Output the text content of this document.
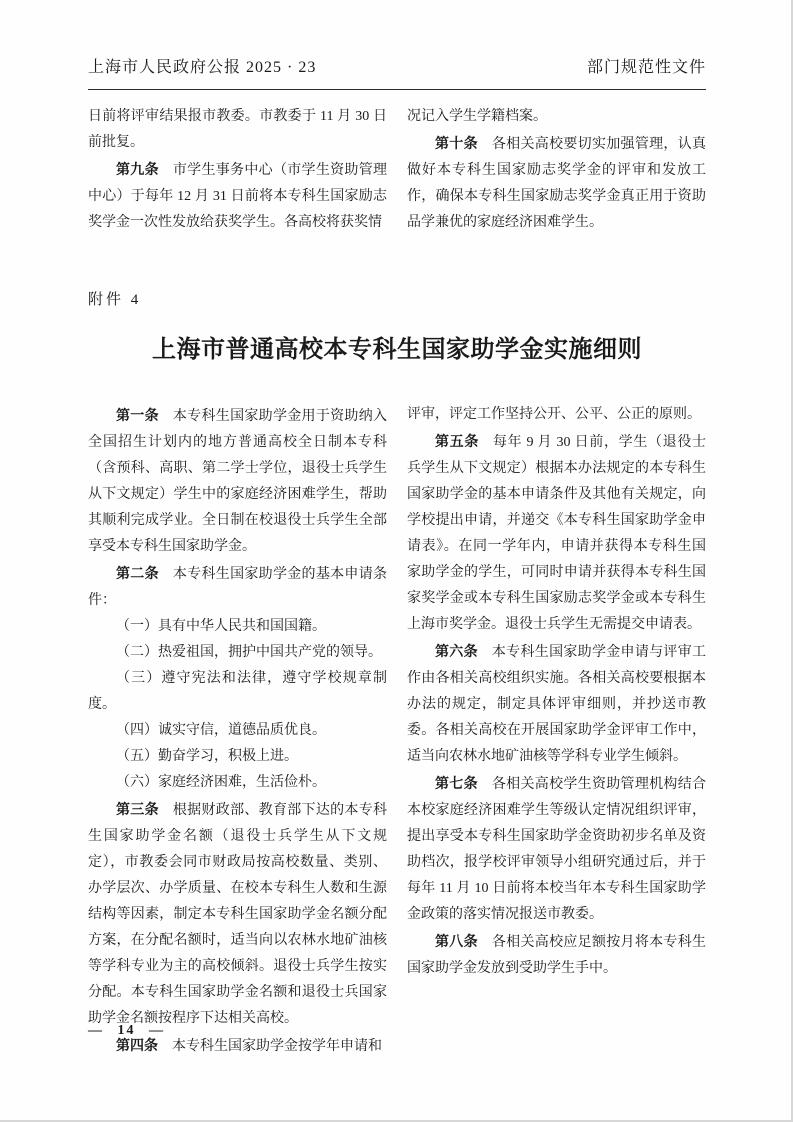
上海市人民政府公报 2025 · 23	部门规范性文件

日前将评审结果报市教委。市教委于 11 月 30 日前批复。

第九条 市学生事务中心（市学生资助管理中心）于每年 12 月 31 日前将本专科生国家励志奖学金一次性发放给获奖学生。各高校将获奖情

况记入学生学籍档案。

第十条 各相关高校要切实加强管理，认真做好本专科生国家励志奖学金的评审和发放工作，确保本专科生国家励志奖学金真正用于资助品学兼优的家庭经济困难学生。

附件 4
上海市普通高校本专科生国家助学金实施细则

第一条 本专科生国家助学金用于资助纳入全国招生计划内的地方普通高校全日制本专科（含预科、高职、第二学士学位，退役士兵学生从下文规定）学生中的家庭经济困难学生，帮助其顺利完成学业。全日制在校退役士兵学生全部享受本专科生国家助学金。

第二条 本专科生国家助学金的基本申请条件：

（一）具有中华人民共和国国籍。

（二）热爱祖国，拥护中国共产党的领导。

（三）遵守宪法和法律，遵守学校规章制度。

（四）诚实守信，道德品质优良。

（五）勤奋学习，积极上进。

（六）家庭经济困难，生活俭朴。

第三条 根据财政部、教育部下达的本专科生国家助学金名额（退役士兵学生从下文规定），市教委会同市财政局按高校数量、类别、办学层次、办学质量、在校本专科生人数和生源结构等因素，制定本专科生国家助学金名额分配方案，在分配名额时，适当向以农林水地矿油核等学科专业为主的高校倾斜。退役士兵学生按实分配。本专科生国家助学金名额和退役士兵国家助学金名额按程序下达相关高校。

第四条 本专科生国家助学金按学年申请和

评审，评定工作坚持公开、公平、公正的原则。

第五条 每年 9 月 30 日前，学生（退役士兵学生从下文规定）根据本办法规定的本专科生国家助学金的基本申请条件及其他有关规定，向学校提出申请，并递交《本专科生国家助学金申请表》。在同一学年内，申请并获得本专科生国家助学金的学生，可同时申请并获得本专科生国家奖学金或本专科生国家励志奖学金或本专科生上海市奖学金。退役士兵学生无需提交申请表。

第六条 本专科生国家助学金申请与评审工作由各相关高校组织实施。各相关高校要根据本办法的规定，制定具体评审细则，并抄送市教委。各相关高校在开展国家助学金评审工作中，适当向农林水地矿油核等学科专业学生倾斜。

第七条 各相关高校学生资助管理机构结合本校家庭经济困难学生等级认定情况组织评审，提出享受本专科生国家助学金资助初步名单及资助档次，报学校评审领导小组研究通过后，并于每年 11 月 10 日前将本校当年本专科生国家助学金政策的落实情况报送市教委。

第八条 各相关高校应足额按月将本专科生国家助学金发放到受助学生手中。

— 14 —
